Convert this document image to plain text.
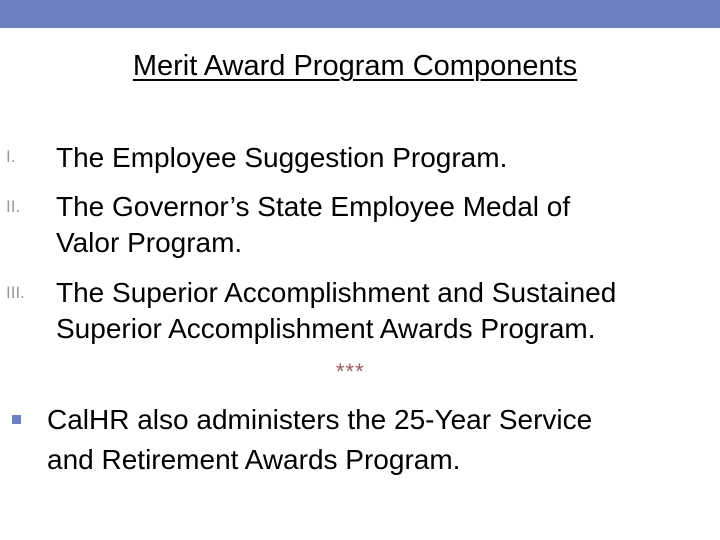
Merit Award Program Components
I. The Employee Suggestion Program.
II. The Governor’s State Employee Medal of
Valor Program.
III. The Superior Accomplishment and Sustained
Superior Accomplishment Awards Program.
***
CalHR also administers the 25-Year Service
and Retirement Awards Program.
